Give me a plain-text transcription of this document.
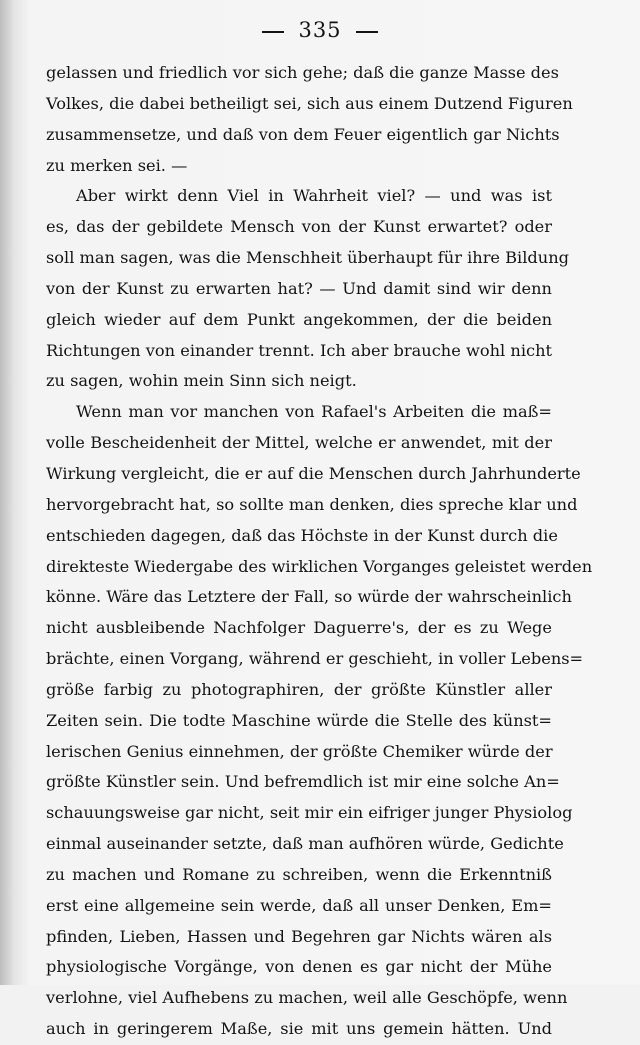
335
gelassen und friedlich vor sich gehe; daß die ganze Masse des
Volkes, die dabei betheiligt sei, sich aus einem Dutzend Figuren
zusammensetze, und daß von dem Feuer eigentlich gar Nichts
zu merken sei. —
Aber wirkt denn Viel in Wahrheit viel? — und was ist
es, das der gebildete Mensch von der Kunst erwartet? oder
soll man sagen, was die Menschheit überhaupt für ihre Bildung
von der Kunst zu erwarten hat? — Und damit sind wir denn
gleich wieder auf dem Punkt angekommen, der die beiden
Richtungen von einander trennt. Ich aber brauche wohl nicht
zu sagen, wohin mein Sinn sich neigt.
Wenn man vor manchen von Rafael's Arbeiten die maß=
volle Bescheidenheit der Mittel, welche er anwendet, mit der
Wirkung vergleicht, die er auf die Menschen durch Jahrhunderte
hervorgebracht hat, so sollte man denken, dies spreche klar und
entschieden dagegen, daß das Höchste in der Kunst durch die
direkteste Wiedergabe des wirklichen Vorganges geleistet werden
könne. Wäre das Letztere der Fall, so würde der wahrscheinlich
nicht ausbleibende Nachfolger Daguerre's, der es zu Wege
brächte, einen Vorgang, während er geschieht, in voller Lebens=
größe farbig zu photographiren, der größte Künstler aller
Zeiten sein. Die todte Maschine würde die Stelle des künst=
lerischen Genius einnehmen, der größte Chemiker würde der
größte Künstler sein. Und befremdlich ist mir eine solche An=
schauungsweise gar nicht, seit mir ein eifriger junger Physiolog
einmal auseinander setzte, daß man aufhören würde, Gedichte
zu machen und Romane zu schreiben, wenn die Erkenntniß
erst eine allgemeine sein werde, daß all unser Denken, Em=
pfinden, Lieben, Hassen und Begehren gar Nichts wären als
physiologische Vorgänge, von denen es gar nicht der Mühe
verlohne, viel Aufhebens zu machen, weil alle Geschöpfe, wenn
auch in geringerem Maße, sie mit uns gemein hätten. Und
